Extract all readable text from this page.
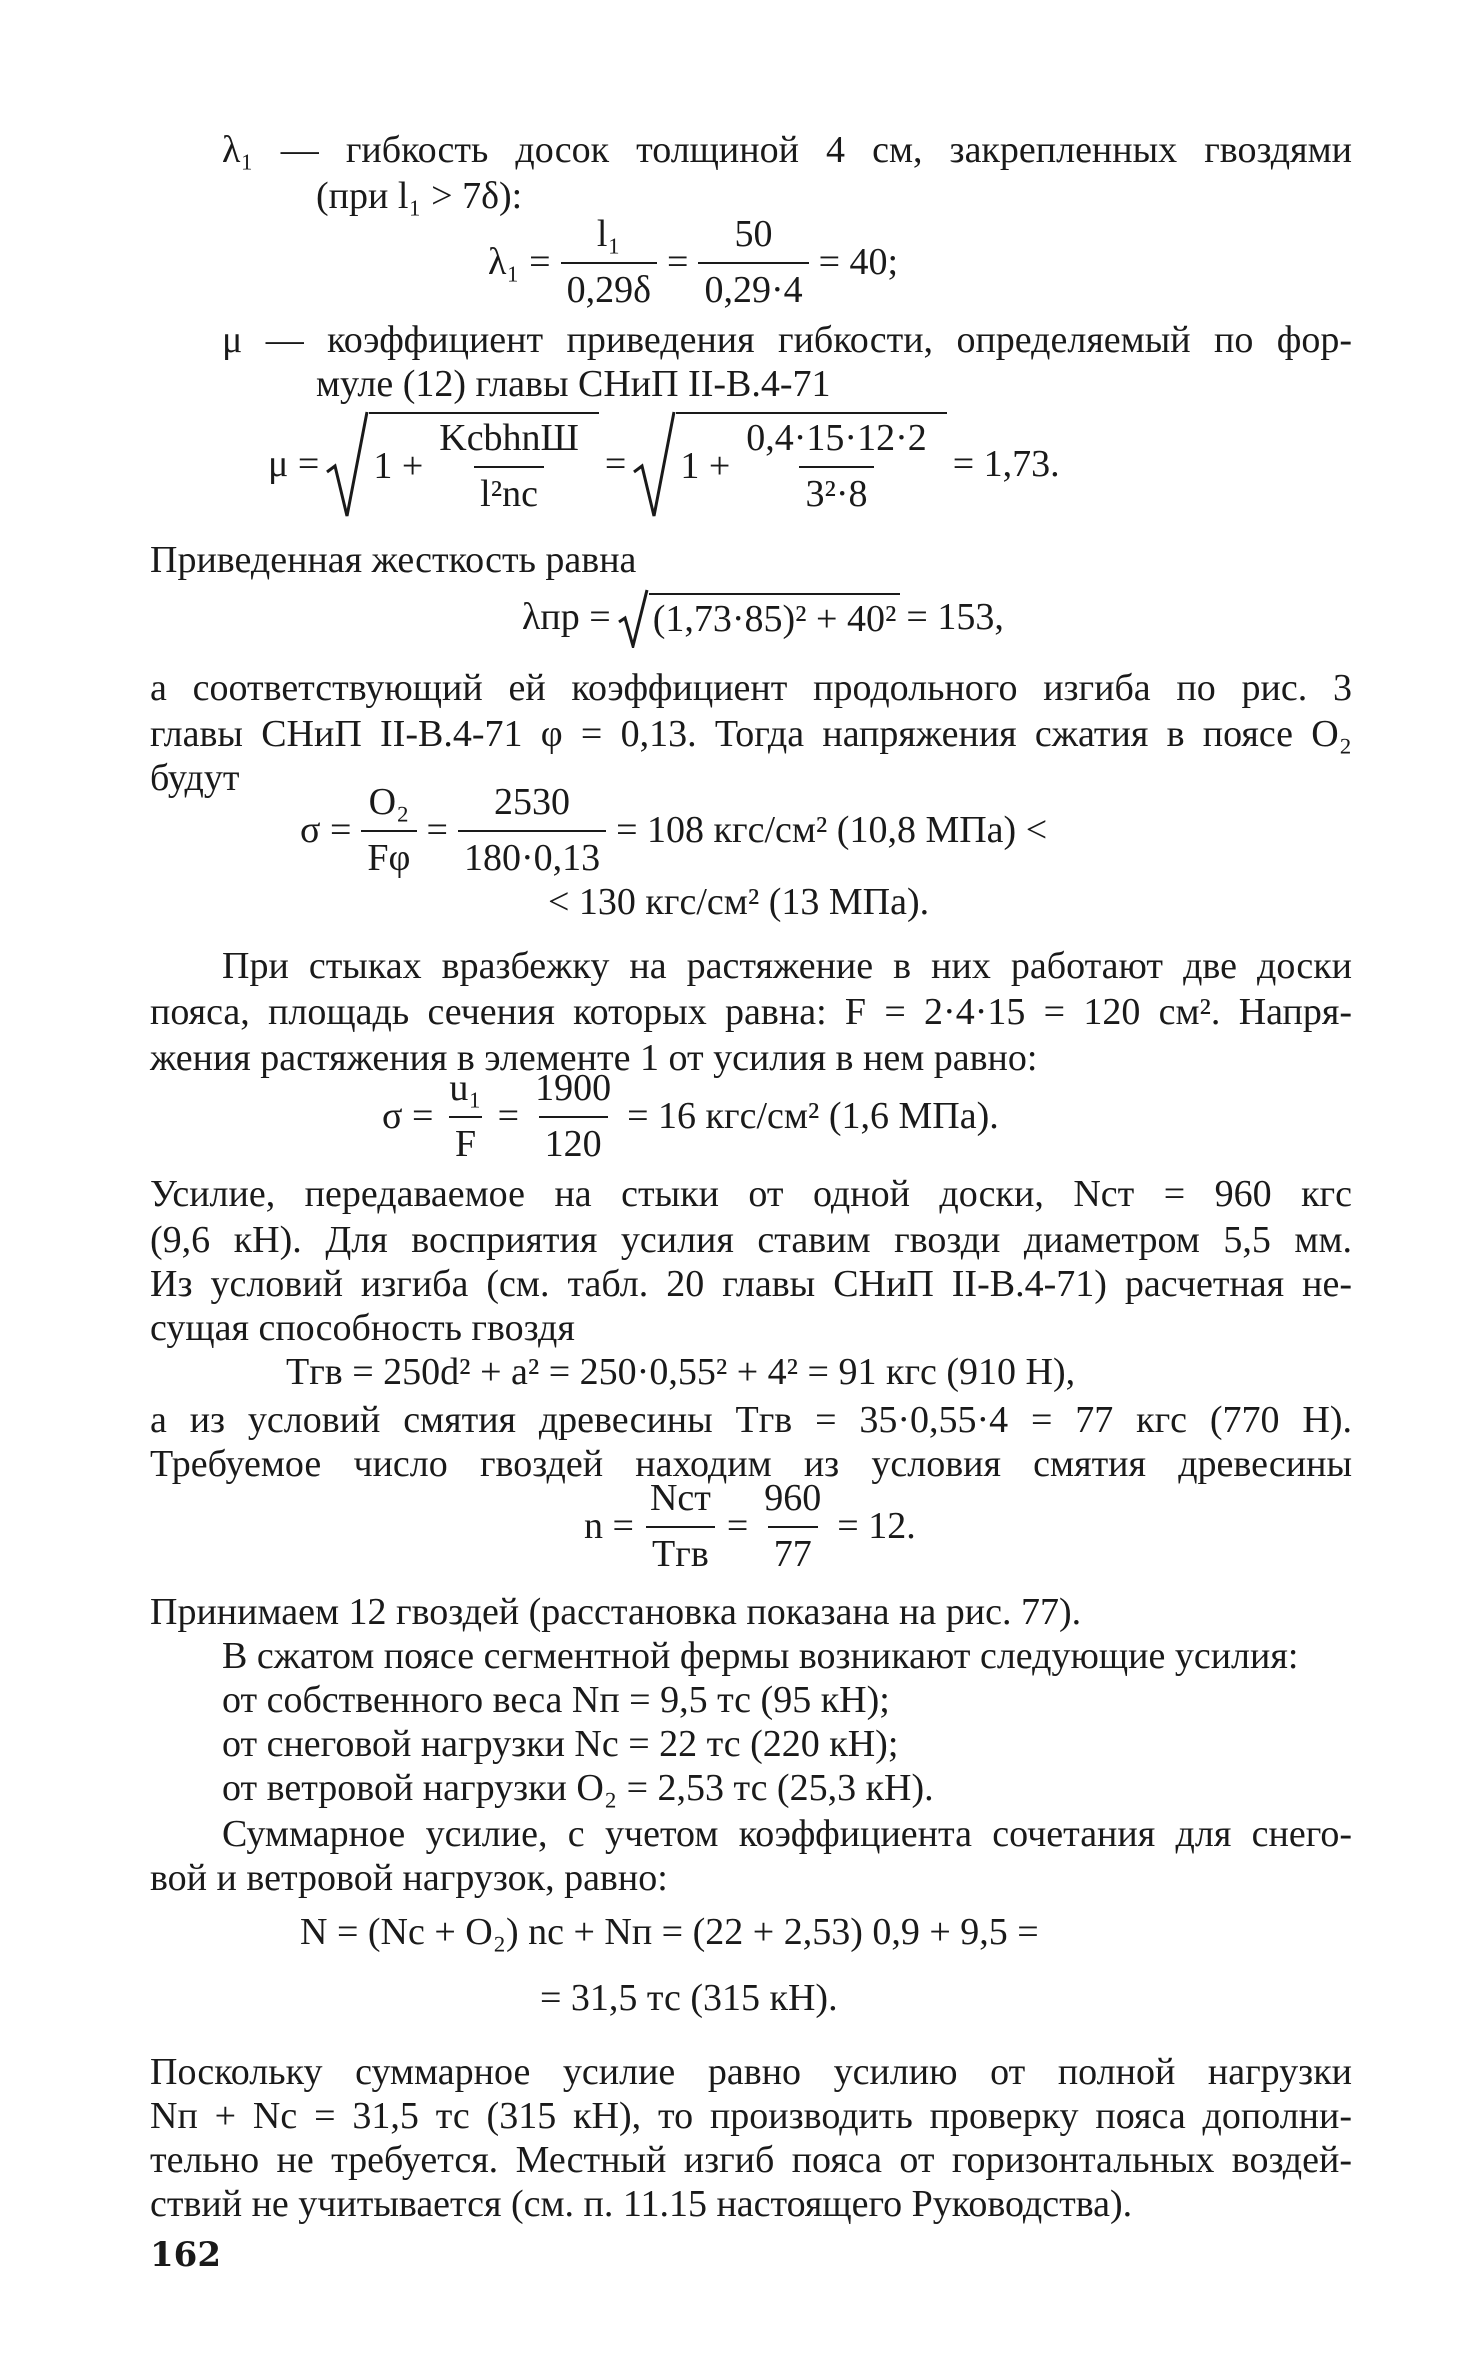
λ₁ — гибкость досок толщиной 4 см, закрепленных гвоздями
(при l₁ > 7δ):
$\lambda_1 = \frac{\text{l₁}}{0,29\delta} = \frac{50}{0,29\cdot 4} = 40$;
μ — коэффициент приведения гибкости, определяемый по фор-
муле (12) главы СНиП II-В.4-71
$\mu = 1 + \frac{\text{KcbhnШ}}{\text{l²nс}} = 1 + \frac{0,4\cdot 15\cdot 12\cdot 2}{\text{3²·8}} = 1,73$.
Приведенная жесткость равна
λпр = (1,73·85)² + 40² = 153,
а соответствующий ей коэффициент продольного изгиба по рис. 3
главы СНиП II-В.4-71 φ = 0,13. Тогда напряжения сжатия в поясе O₂
будут
$\sigma = \frac{\text{O₂}}{F\varphi} = \frac{2530}{180\cdot 0,13} = 108$ кгс/см² (10,8 МПа) <
< 130 кгс/см² (13 МПа).
При стыках вразбежку на растяжение в них работают две доски
пояса, площадь сечения которых равна: F = 2·4·15 = 120 см². Напря-
жения растяжения в элементе 1 от усилия в нем равно:
$\sigma = \frac{\text{u₁}}{F} = \frac{1900}{120} = 16$ кгс/см² (1,6 МПа).
Усилие, передаваемое на стыки от одной доски, Nст = 960 кгс
(9,6 кН). Для восприятия усилия ставим гвозди диаметром 5,5 мм.
Из условий изгиба (см. табл. 20 главы СНиП II-В.4-71) расчетная не-
сущая способность гвоздя
Tгв = 250d² + a² = 250·0,55² + 4² = 91 кгс (910 Н),
а из условий смятия древесины Tгв = 35·0,55·4 = 77 кгс (770 Н).
Требуемое число гвоздей находим из условия смятия древесины
$n = \frac{\text{Nст}}{\text{Tгв}} = \frac{960}{77} = 12$.
Принимаем 12 гвоздей (расстановка показана на рис. 77).
В сжатом поясе сегментной фермы возникают следующие усилия:
от собственного веса Nп = 9,5 тс (95 кН);
от снеговой нагрузки Nс = 22 тс (220 кН);
от ветровой нагрузки O₂ = 2,53 тс (25,3 кН).
Суммарное усилие, с учетом коэффициента сочетания для снего-
вой и ветровой нагрузок, равно:
N = (Nс + O₂) nс + Nп = (22 + 2,53) 0,9 + 9,5 =
= 31,5 тс (315 кН).
Поскольку суммарное усилие равно усилию от полной нагрузки
Nп + Nс = 31,5 тс (315 кН), то производить проверку пояса дополни-
тельно не требуется. Местный изгиб пояса от горизонтальных воздей-
ствий не учитывается (см. п. 11.15 настоящего Руководства).
162
